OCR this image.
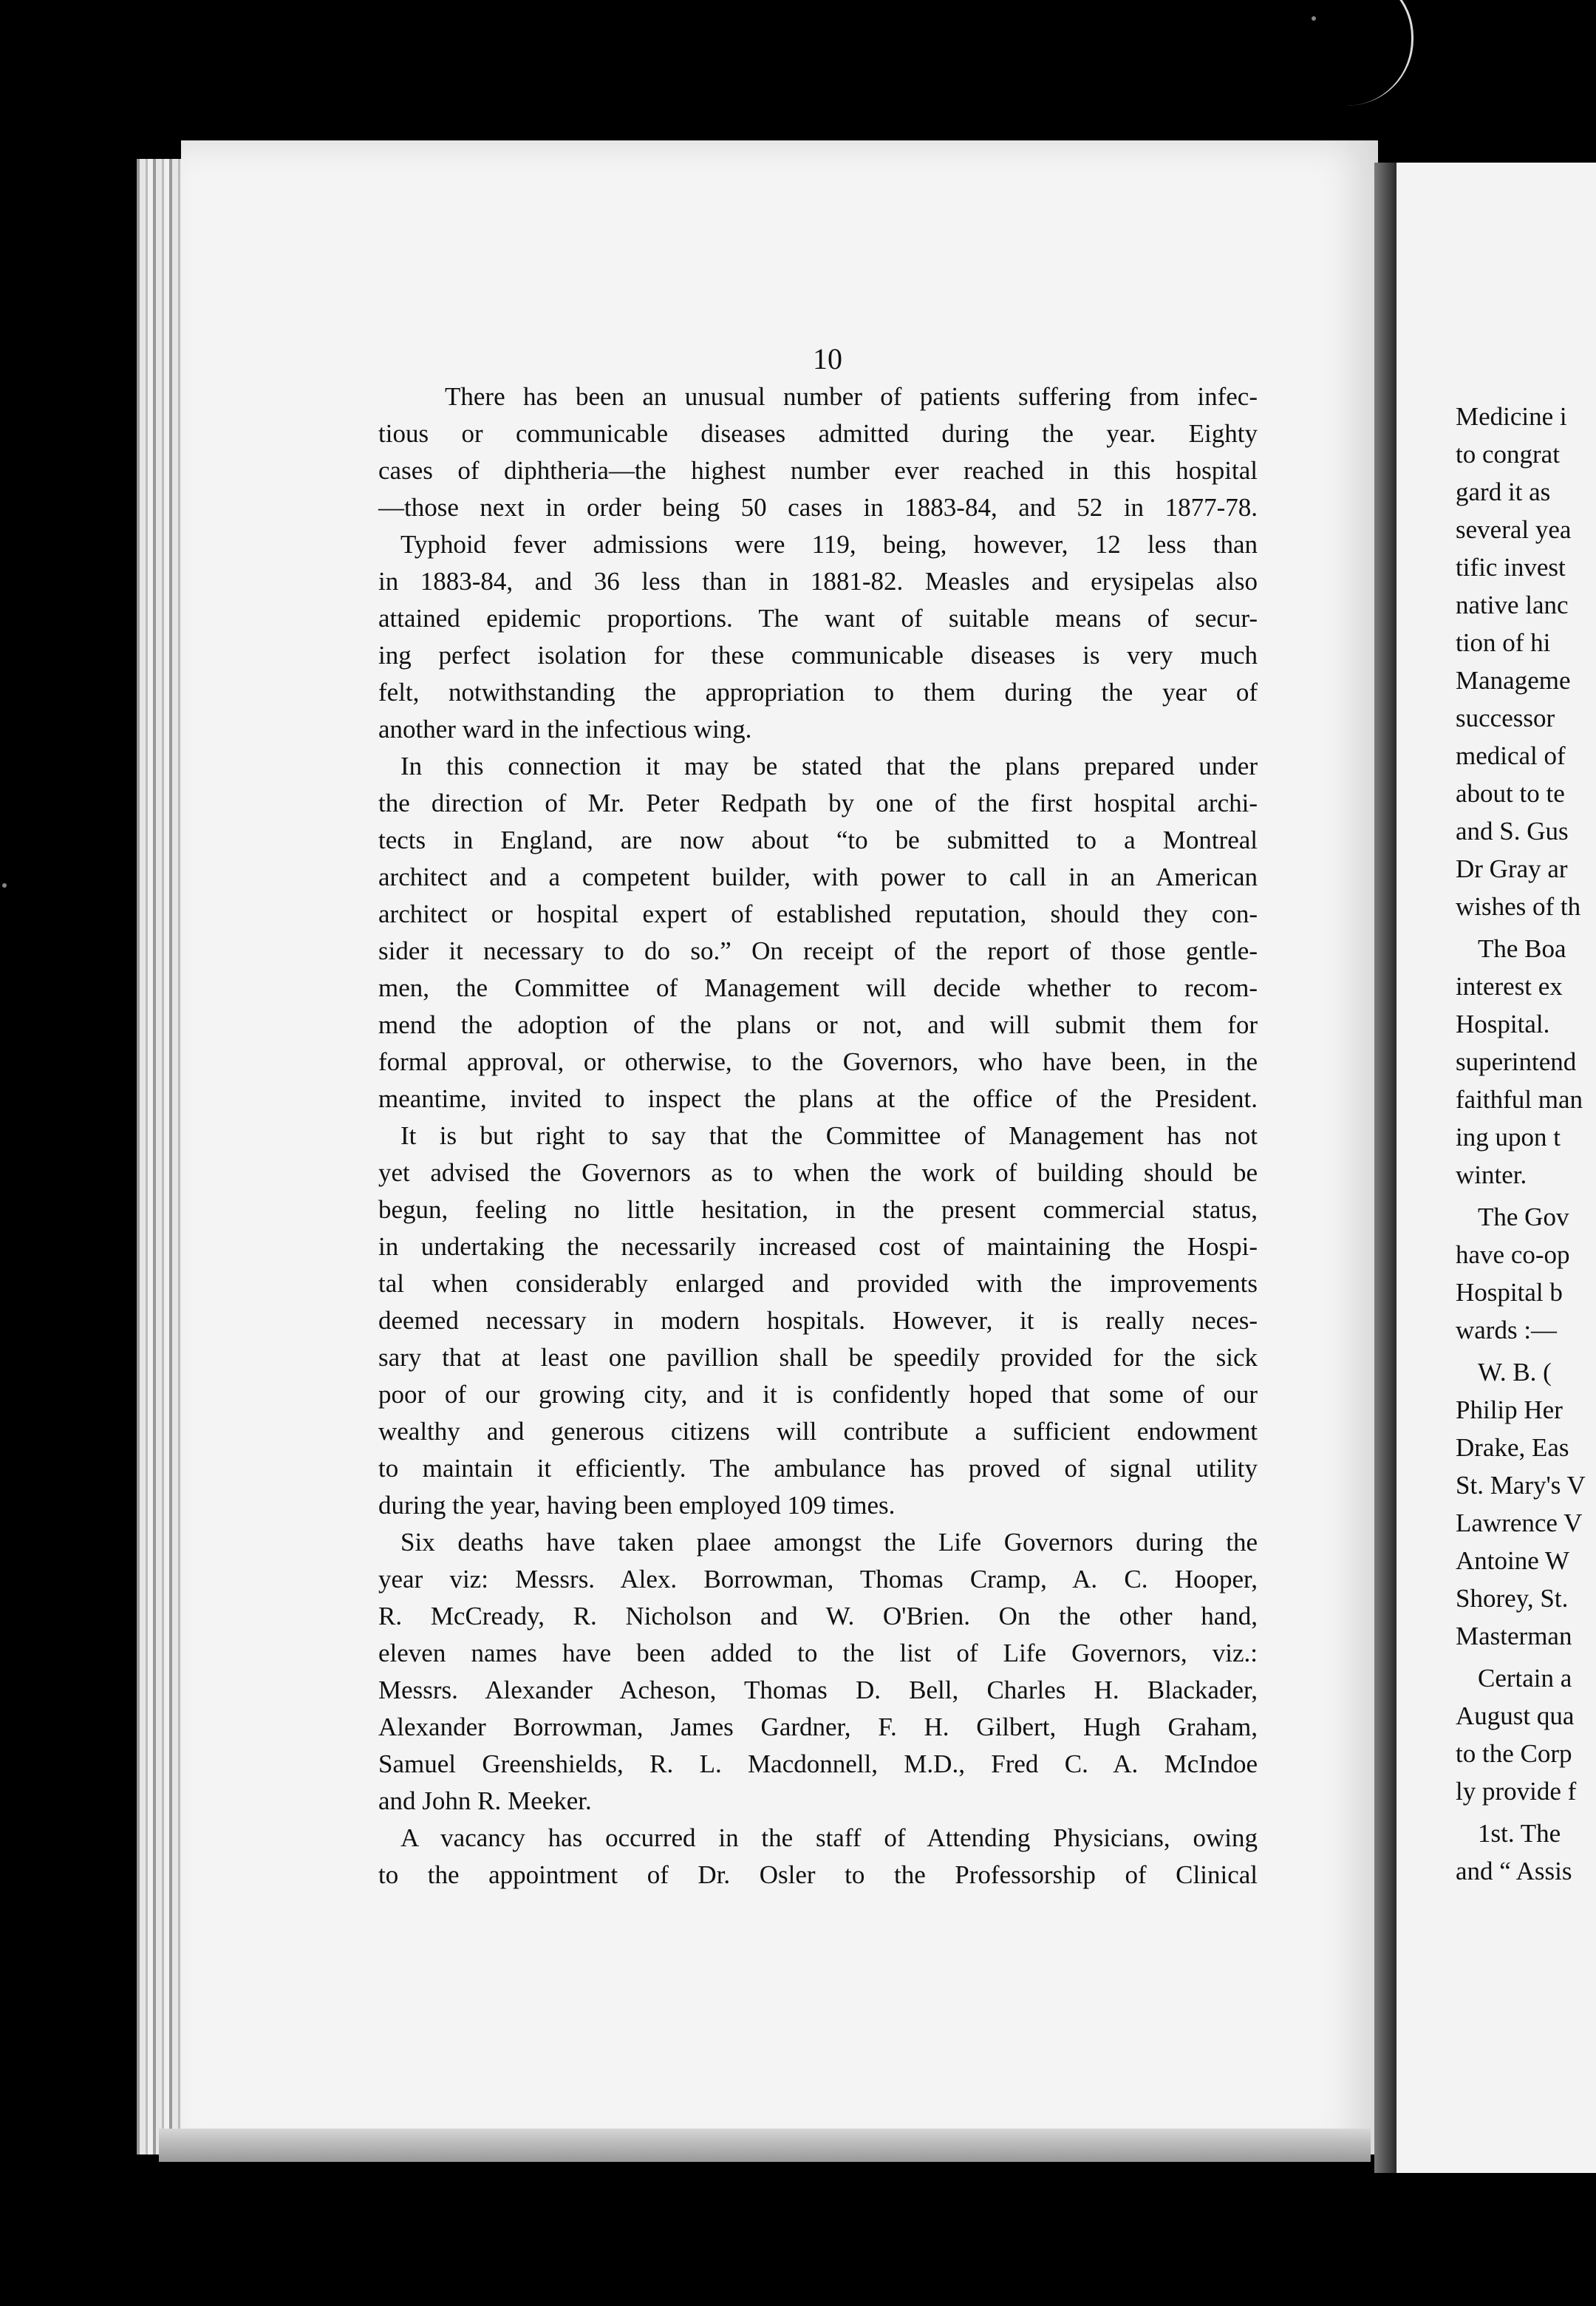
10
There has been an unusual number of patients suffering from infec-
tious or communicable diseases admitted during the year. Eighty
cases of diphtheria—the highest number ever reached in this hospital
—those next in order being 50 cases in 1883-84, and 52 in 1877-78.
Typhoid fever admissions were 119, being, however, 12 less than
in 1883-84, and 36 less than in 1881-82. Measles and erysipelas also
attained epidemic proportions. The want of suitable means of secur-
ing perfect isolation for these communicable diseases is very much
felt, notwithstanding the appropriation to them during the year of
another ward in the infectious wing.
In this connection it may be stated that the plans prepared under
the direction of Mr. Peter Redpath by one of the first hospital archi-
tects in England, are now about “to be submitted to a Montreal
architect and a competent builder, with power to call in an American
architect or hospital expert of established reputation, should they con-
sider it necessary to do so.” On receipt of the report of those gentle-
men, the Committee of Management will decide whether to recom-
mend the adoption of the plans or not, and will submit them for
formal approval, or otherwise, to the Governors, who have been, in the
meantime, invited to inspect the plans at the office of the President.
It is but right to say that the Committee of Management has not
yet advised the Governors as to when the work of building should be
begun, feeling no little hesitation, in the present commercial status,
in undertaking the necessarily increased cost of maintaining the Hospi-
tal when considerably enlarged and provided with the improvements
deemed necessary in modern hospitals. However, it is really neces-
sary that at least one pavillion shall be speedily provided for the sick
poor of our growing city, and it is confidently hoped that some of our
wealthy and generous citizens will contribute a sufficient endowment
to maintain it efficiently. The ambulance has proved of signal utility
during the year, having been employed 109 times.
Six deaths have taken plaee amongst the Life Governors during the
year viz: Messrs. Alex. Borrowman, Thomas Cramp, A. C. Hooper,
R. McCready, R. Nicholson and W. O'Brien. On the other hand,
eleven names have been added to the list of Life Governors, viz.:
Messrs. Alexander Acheson, Thomas D. Bell, Charles H. Blackader,
Alexander Borrowman, James Gardner, F. H. Gilbert, Hugh Graham,
Samuel Greenshields, R. L. Macdonnell, M.D., Fred C. A. McIndoe
and John R. Meeker.
A vacancy has occurred in the staff of Attending Physicians, owing
to the appointment of Dr. Osler to the Professorship of Clinical
Medicine i
to congrat
gard it as
several yea
tific invest
native lanc
tion of hi
Manageme
successor
medical of
about to te
and S. Gus
Dr Gray ar
wishes of th
The Boa
interest ex
Hospital.
superintend
faithful man
ing upon t
winter.
The Gov
have co-op
Hospital b
wards :—
W. B. (
Philip Her
Drake, Eas
St. Mary's V
Lawrence V
Antoine W
Shorey, St.
Masterman
Certain a
August qua
to the Corp
ly provide f
1st. The
and “ Assis
